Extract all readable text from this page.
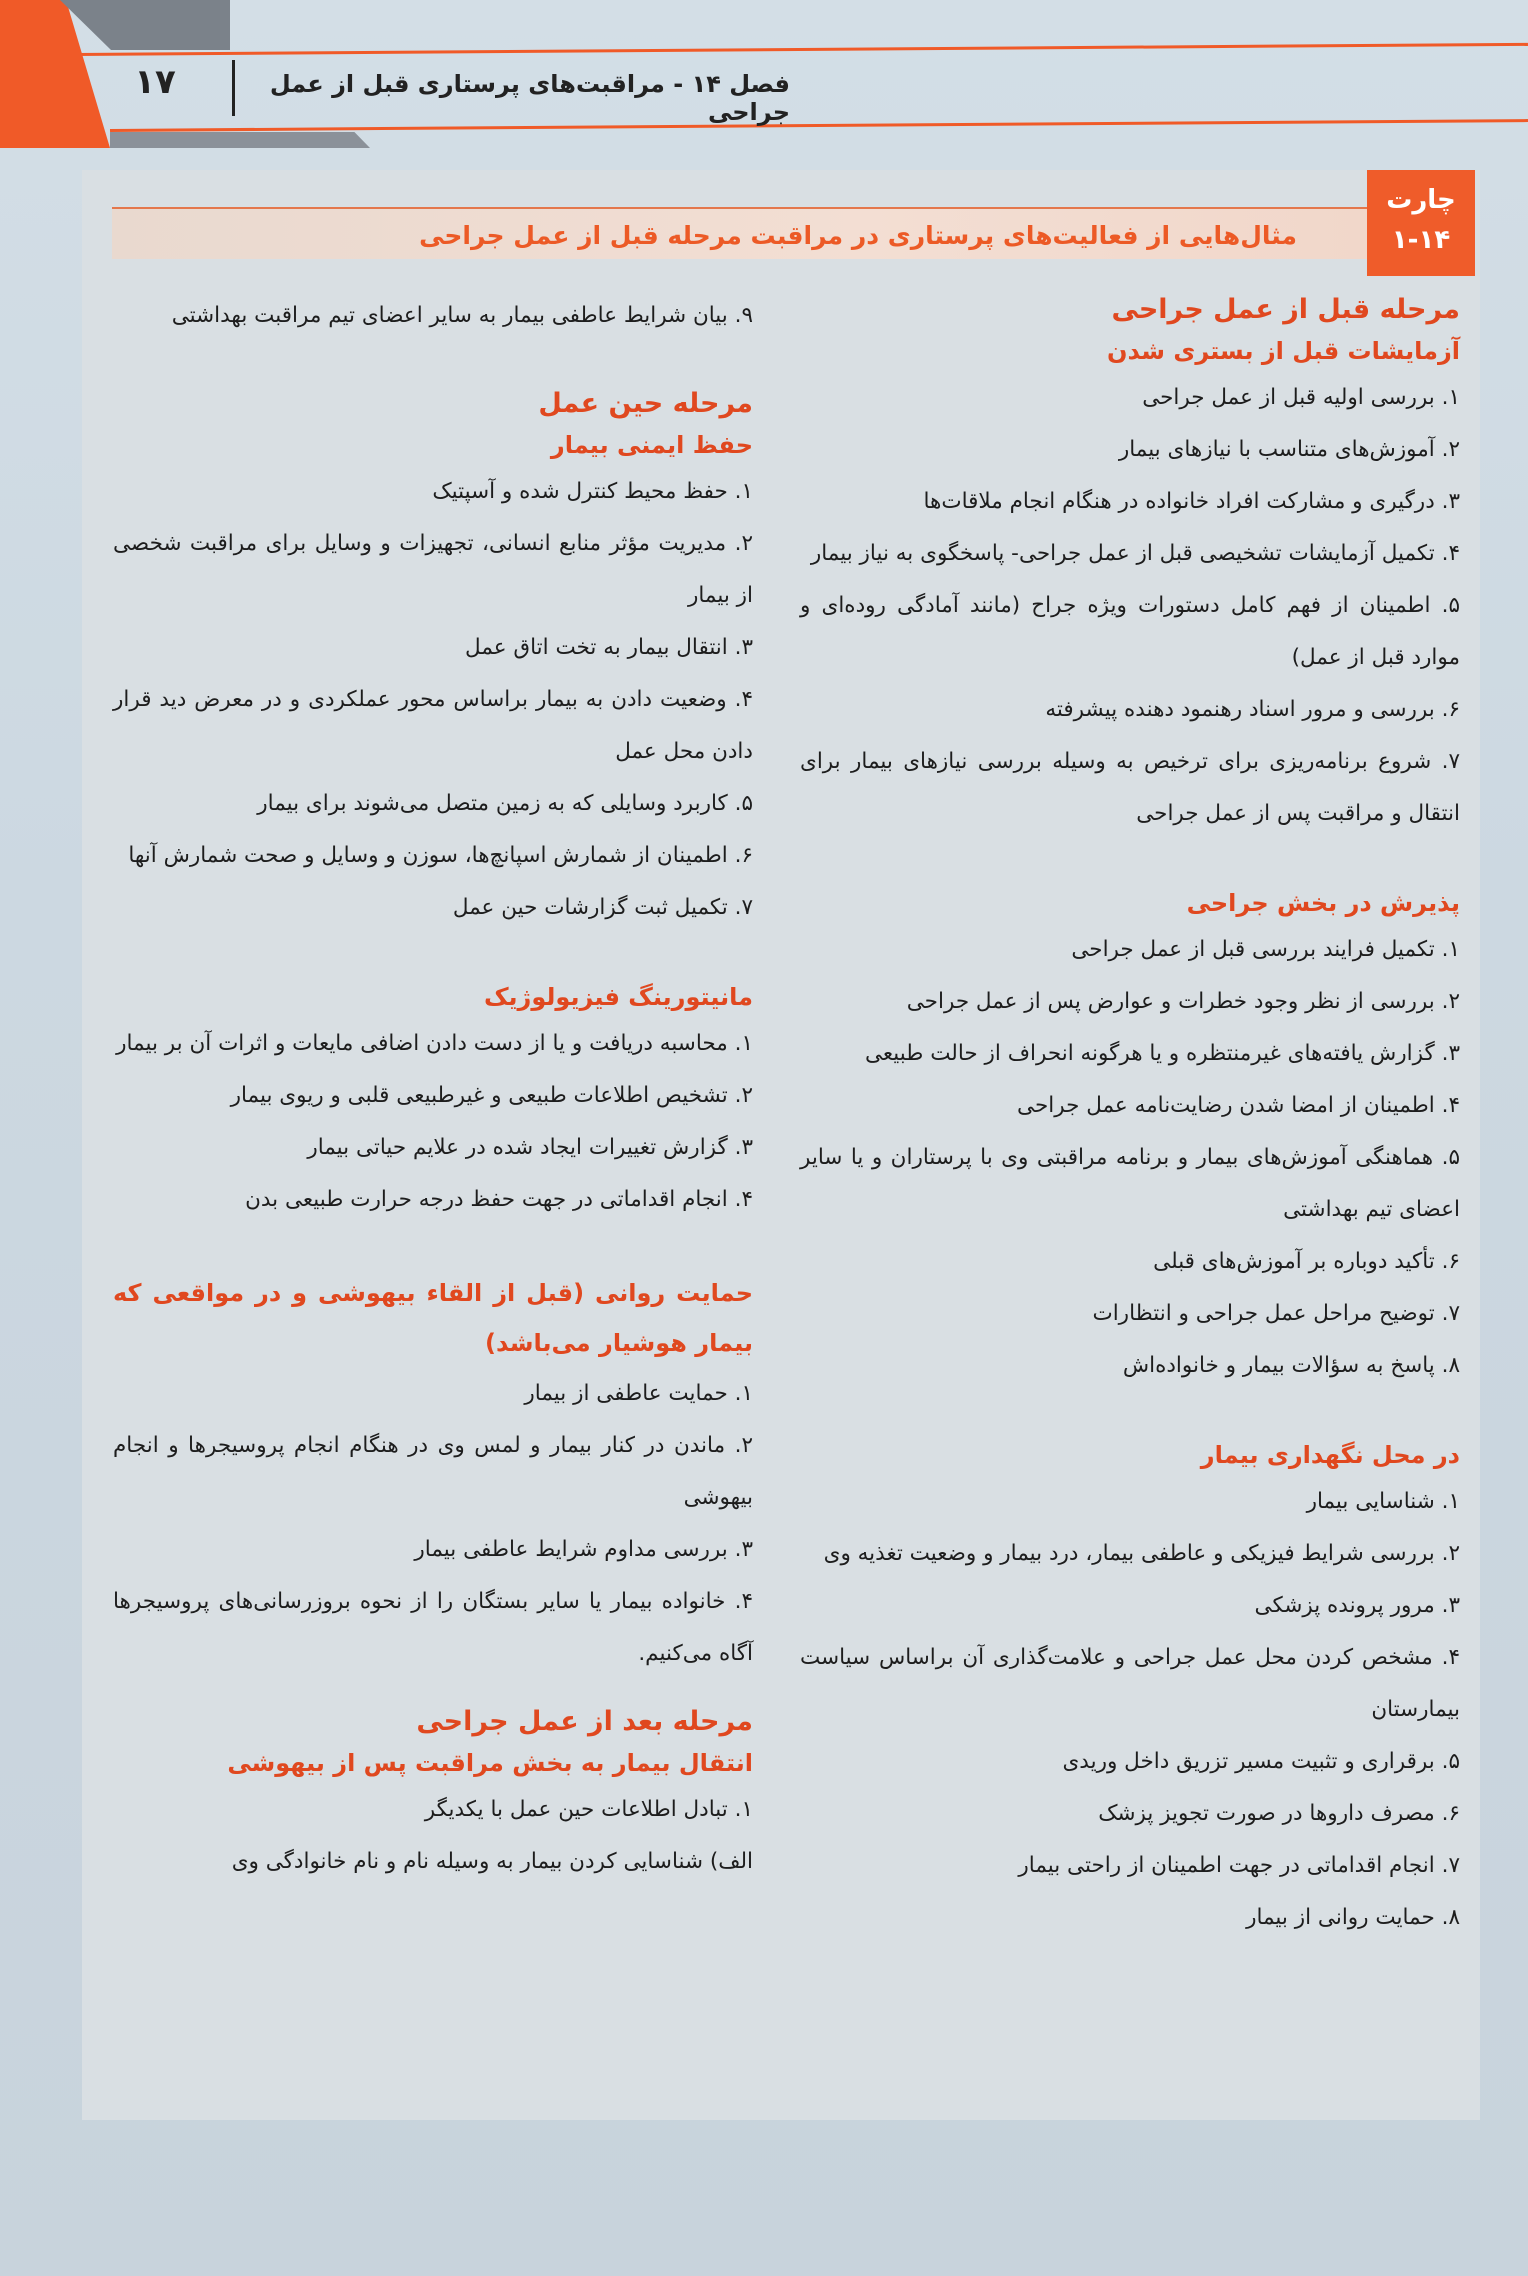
۱۷	فصل ۱۴ - مراقبت‌های پرستاری قبل از عمل جراحی
مثال‌هایی از فعالیت‌های پرستاری در مراقبت مرحله قبل از عمل جراحی
چارت
۱-۱۴
مرحله قبل از عمل جراحی
آزمایشات قبل از بستری شدن
۱. بررسی اولیه قبل از عمل جراحی
۲. آموزش‌های متناسب با نیازهای بیمار
۳. درگیری و مشارکت افراد خانواده در هنگام انجام ملاقات‌ها
۴. تکمیل آزمایشات تشخیصی قبل از عمل جراحی- پاسخگوی به نیاز بیمار
۵. اطمینان از فهم کامل دستورات ویژه جراح (مانند آمادگی روده‌ای و موارد قبل از عمل)
۶. بررسی و مرور اسناد رهنمود دهنده پیشرفته
۷. شروع برنامه‌ریزی برای ترخیص به وسیله بررسی نیازهای بیمار برای انتقال و مراقبت پس از عمل جراحی
پذیرش در بخش جراحی
۱. تکمیل فرایند بررسی قبل از عمل جراحی
۲. بررسی از نظر وجود خطرات و عوارض پس از عمل جراحی
۳. گزارش یافته‌های غیرمنتظره و یا هرگونه انحراف از حالت طبیعی
۴. اطمینان از امضا شدن رضایت‌نامه عمل جراحی
۵. هماهنگی آموزش‌های بیمار و برنامه مراقبتی وی با پرستاران و یا سایر اعضای تیم بهداشتی
۶. تأکید دوباره بر آموزش‌های قبلی
۷. توضیح مراحل عمل جراحی و انتظارات
۸. پاسخ به سؤالات بیمار و خانواده‌اش
در محل نگهداری بیمار
۱. شناسایی بیمار
۲. بررسی شرایط فیزیکی و عاطفی بیمار، درد بیمار و وضعیت تغذیه وی
۳. مرور پرونده پزشکی
۴. مشخص کردن محل عمل جراحی و علامت‌گذاری آن براساس سیاست بیمارستان
۵. برقراری و تثبیت مسیر تزریق داخل وریدی
۶. مصرف داروها در صورت تجویز پزشک
۷. انجام اقداماتی در جهت اطمینان از راحتی بیمار
۸. حمایت روانی از بیمار
۹. بیان شرایط عاطفی بیمار به سایر اعضای تیم مراقبت بهداشتی
مرحله حین عمل
حفظ ایمنی بیمار
۱. حفظ محیط کنترل شده و آسپتیک
۲. مدیریت مؤثر منابع انسانی، تجهیزات و وسایل برای مراقبت شخصی از بیمار
۳. انتقال بیمار به تخت اتاق عمل
۴. وضعیت دادن به بیمار براساس محور عملکردی و در معرض دید قرار دادن محل عمل
۵. کاربرد وسایلی که به زمین متصل می‌شوند برای بیمار
۶. اطمینان از شمارش اسپانچ‌ها، سوزن و وسایل و صحت شمارش آنها
۷. تکمیل ثبت گزارشات حین عمل
مانیتورینگ فیزیولوژیک
۱. محاسبه دریافت و یا از دست دادن اضافی مایعات و اثرات آن بر بیمار
۲. تشخیص اطلاعات طبیعی و غیرطبیعی قلبی و ریوی بیمار
۳. گزارش تغییرات ایجاد شده در علایم حیاتی بیمار
۴. انجام اقداماتی در جهت حفظ درجه حرارت طبیعی بدن
حمایت روانی (قبل از القاء بیهوشی و در مواقعی که بیمار هوشیار می‌باشد)
۱. حمایت عاطفی از بیمار
۲. ماندن در کنار بیمار و لمس وی در هنگام انجام پروسیجرها و انجام بیهوشی
۳. بررسی مداوم شرایط عاطفی بیمار
۴. خانواده بیمار یا سایر بستگان را از نحوه بروزرسانی‌های پروسیجرها آگاه می‌کنیم.
مرحله بعد از عمل جراحی
انتقال بیمار به بخش مراقبت پس از بیهوشی
۱. تبادل اطلاعات حین عمل با یکدیگر
الف) شناسایی کردن بیمار به وسیله نام و نام خانوادگی وی
